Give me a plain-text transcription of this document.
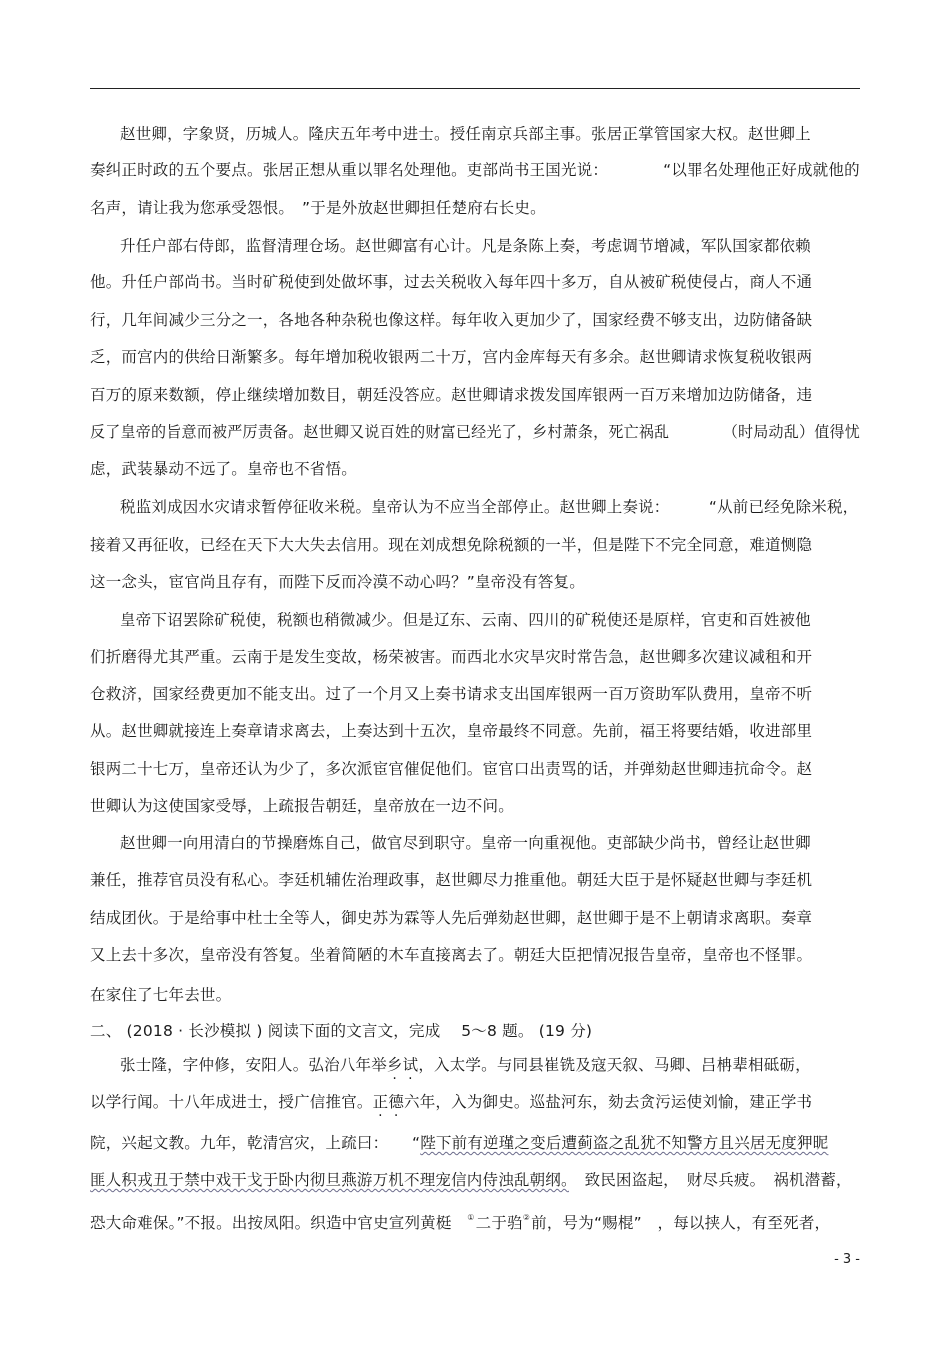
赵世卿，字象贤，历城人。隆庆五年考中进士。授任南京兵部主事。张居正掌管国家大权。赵世卿上
奏纠正时政的五个要点。张居正想从重以罪名处理他。吏部尚书王国光说：　　　　“以罪名处理他正好成就他的
名声，请让我为您承受怨恨。　”于是外放赵世卿担任楚府右长史。
升任户部右侍郎，监督清理仓场。赵世卿富有心计。凡是条陈上奏，考虑调节增减，军队国家都依赖
他。升任户部尚书。当时矿税使到处做坏事，过去关税收入每年四十多万，自从被矿税使侵占，商人不通
行，几年间减少三分之一，各地各种杂税也像这样。每年收入更加少了，国家经费不够支出，边防储备缺
乏，而宫内的供给日渐繁多。每年增加税收银两二十万，宫内金库每天有多余。赵世卿请求恢复税收银两
百万的原来数额，停止继续增加数目，朝廷没答应。赵世卿请求拨发国库银两一百万来增加边防储备，违
反了皇帝的旨意而被严厉责备。赵世卿又说百姓的财富已经光了，乡村萧条，死亡祸乱　　　　（时局动乱）值得忧
虑，武装暴动不远了。皇帝也不省悟。
税监刘成因水灾请求暂停征收米税。皇帝认为不应当全部停止。赵世卿上奏说：　　　“从前已经免除米税，
接着又再征收，已经在天下大大失去信用。现在刘成想免除税额的一半，但是陛下不完全同意，难道恻隐
这一念头，宦官尚且存有，而陛下反而冷漠不动心吗？”皇帝没有答复。
皇帝下诏罢除矿税使，税额也稍微减少。但是辽东、云南、四川的矿税使还是原样，官吏和百姓被他
们折磨得尤其严重。云南于是发生变故，杨荣被害。而西北水灾旱灾时常告急，赵世卿多次建议减租和开
仓救济，国家经费更加不能支出。过了一个月又上奏书请求支出国库银两一百万资助军队费用，皇帝不听
从。赵世卿就接连上奏章请求离去，上奏达到十五次，皇帝最终不同意。先前，福王将要结婚，收进部里
银两二十七万，皇帝还认为少了，多次派宦官催促他们。宦官口出责骂的话，并弹劾赵世卿违抗命令。赵
世卿认为这使国家受辱，上疏报告朝廷，皇帝放在一边不问。
赵世卿一向用清白的节操磨炼自己，做官尽到职守。皇帝一向重视他。吏部缺少尚书，曾经让赵世卿
兼任，推荐官员没有私心。李廷机辅佐治理政事，赵世卿尽力推重他。朝廷大臣于是怀疑赵世卿与李廷机
结成团伙。于是给事中杜士全等人，御史苏为霖等人先后弹劾赵世卿，赵世卿于是不上朝请求离职。奏章
又上去十多次，皇帝没有答复。坐着简陋的木车直接离去了。朝廷大臣把情况报告皇帝，皇帝也不怪罪。
在家住了七年去世。
二、 (2018 · 长沙模拟 ) 阅读下面的文言文，完成　 5～8 题。 (19 分)
张士隆，字仲修，安阳人。弘治八年举乡试，入太学。与同县崔铣及寇天叙、马卿、吕柟辈相砥砺，
以学行闻。十八年成进士，授广信推官。正德六年，入为御史。巡盐河东，劾去贪污运使刘愉，建正学书
院，兴起文教。九年，乾清宫灾，上疏曰：　　“陛下前有逆瑾之变后遭蓟盗之乱犹不知警方且兴居无度狎昵
匪人积戎丑于禁中戏干戈于卧内彻旦燕游万机不理宠信内侍浊乱朝纲。　致民困盗起，　财尽兵疲。　祸机潜蓄，
恐大命难保。”不报。出按凤阳。织造中官史宣列黄梃　①二于驺②前，号为“赐棍”　，每以挟人，有至死者，
- 3 -
